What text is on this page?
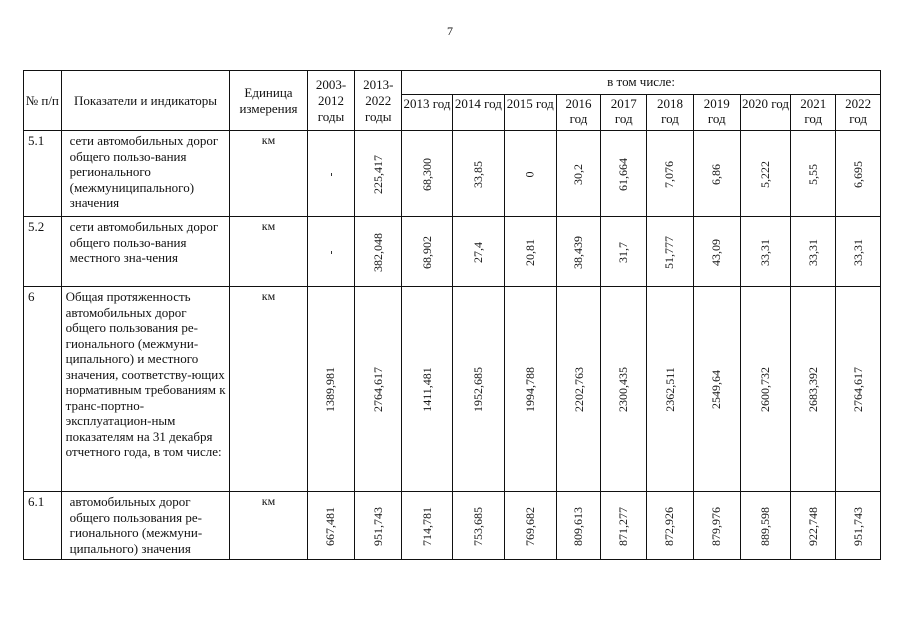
7
№ п/п	Показатели и индикаторы	Единица измерения	2003-2012 годы	2013-2022 годы	в том числе:									
					2013 год	2014 год	2015 год	2016 год	2017 год	2018 год	2019 год	2020 год	2021 год	2022 год
5.1	сети автомобильных дорог общего пользо-вания регионального (межмуниципального) значения	км	-	225,417	68,300	33,85	0	30,2	61,664	7,076	6,86	5,222	5,55	6,695
5.2	сети автомобильных дорог общего пользо-вания местного зна-чения	км	-	382,048	68,902	27,4	20,81	38,439	31,7	51,777	43,09	33,31	33,31	33,31
6	Общая протяженность автомобильных дорог общего пользования ре-гионального (межмуни-ципального) и местного значения, соответству-ющих нормативным требованиям к транс-портно-эксплуатацион-ным показателям на 31 декабря отчетного года, в том числе:	км	1389,981	2764,617	1411,481	1952,685	1994,788	2202,763	2300,435	2362,511	2549,64	2600,732	2683,392	2764,617
6.1	автомобильных дорог общего пользования ре-гионального (межмуни-ципального) значения	км	667,481	951,743	714,781	753,685	769,682	809,613	871,277	872,926	879,976	889,598	922,748	951,743
